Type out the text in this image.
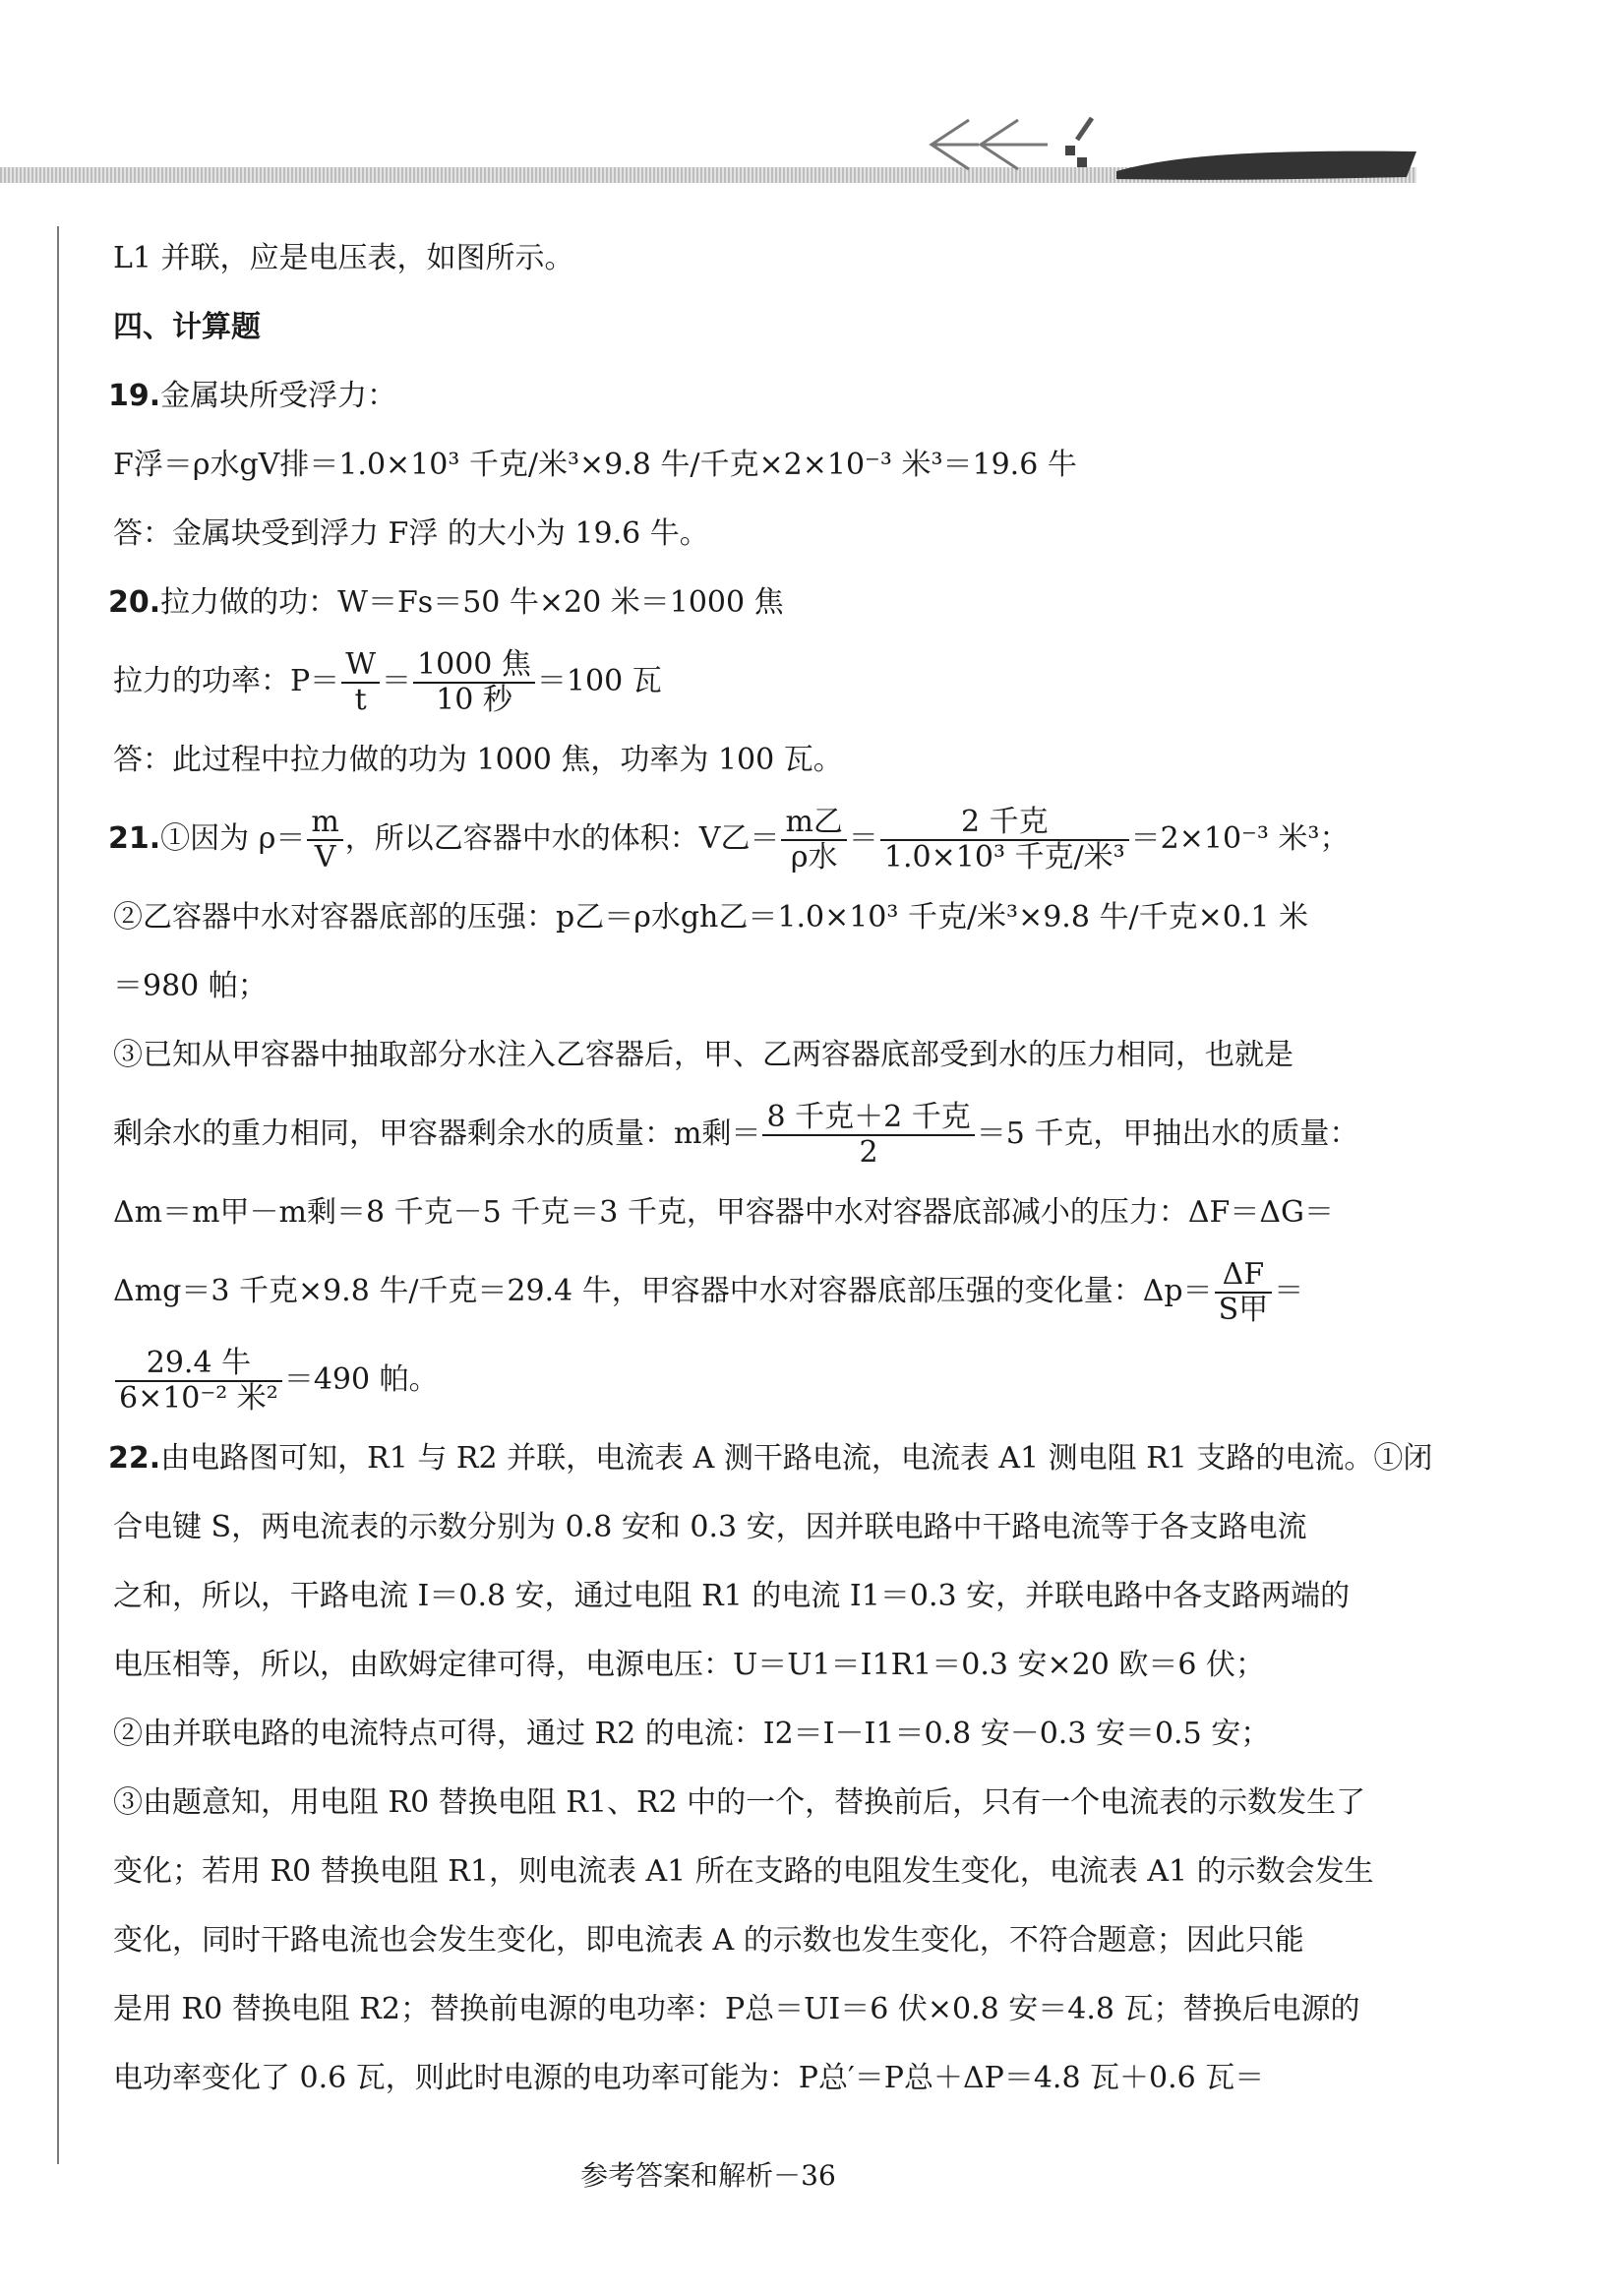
L1 并联，应是电压表，如图所示。
四、计算题
19.金属块所受浮力：
F浮＝ρ水gV排＝1.0×10³ 千克/米³×9.8 牛/千克×2×10⁻³ 米³＝19.6 牛
答：金属块受到浮力 F浮 的大小为 19.6 牛。
20.拉力做的功：W＝Fs＝50 牛×20 米＝1000 焦
拉力的功率：$P= \frac{W}{t} = \frac{\text{1000 焦}}{\text{10 秒}} =100$ 瓦
答：此过程中拉力做的功为 1000 焦，功率为 100 瓦。
21.①因为 $\rho= \frac{m}{V}$ ，所以乙容器中水的体积：V乙＝ $\frac{\text{m乙}}{\text{ρ水}} = \frac{\text{2 千克}}{\text{1.0×10³ 千克/米³}} =2\times 10^{-3}$ 米³；
②乙容器中水对容器底部的压强：p乙＝ρ水gh乙＝1.0×10³ 千克/米³×9.8 牛/千克×0.1 米
＝980 帕；
③已知从甲容器中抽取部分水注入乙容器后，甲、乙两容器底部受到水的压力相同，也就是
剩余水的重力相同，甲容器剩余水的质量：m剩＝ $\frac{\text{8 千克＋2 千克}}{2} =5$ 千克，甲抽出水的质量：
Δm＝m甲－m剩＝8 千克－5 千克＝3 千克，甲容器中水对容器底部减小的压力：ΔF＝ΔG＝
Δmg＝3 千克×9.8 牛/千克＝29.4 牛，甲容器中水对容器底部压强的变化量：$\Delta p= \frac{\Delta F}{\text{S甲}}$ ＝
$\frac{\text{29.4 牛}}{\text{6×10⁻² 米²}} =490$ 帕。
22.由电路图可知，R1 与 R2 并联，电流表 A 测干路电流，电流表 A1 测电阻 R1 支路的电流。①闭
合电键 S，两电流表的示数分别为 0.8 安和 0.3 安，因并联电路中干路电流等于各支路电流
之和，所以，干路电流 I＝0.8 安，通过电阻 R1 的电流 I1＝0.3 安，并联电路中各支路两端的
电压相等，所以，由欧姆定律可得，电源电压：U＝U1＝I1R1＝0.3 安×20 欧＝6 伏；
②由并联电路的电流特点可得，通过 R2 的电流：I2＝I－I1＝0.8 安－0.3 安＝0.5 安；
③由题意知，用电阻 R0 替换电阻 R1、R2 中的一个，替换前后，只有一个电流表的示数发生了
变化；若用 R0 替换电阻 R1，则电流表 A1 所在支路的电阻发生变化，电流表 A1 的示数会发生
变化，同时干路电流也会发生变化，即电流表 A 的示数也发生变化，不符合题意；因此只能
是用 R0 替换电阻 R2；替换前电源的电功率：P总＝UI＝6 伏×0.8 安＝4.8 瓦；替换后电源的
电功率变化了 0.6 瓦，则此时电源的电功率可能为：P总′＝P总＋ΔP＝4.8 瓦＋0.6 瓦＝
参考答案和解析－36
